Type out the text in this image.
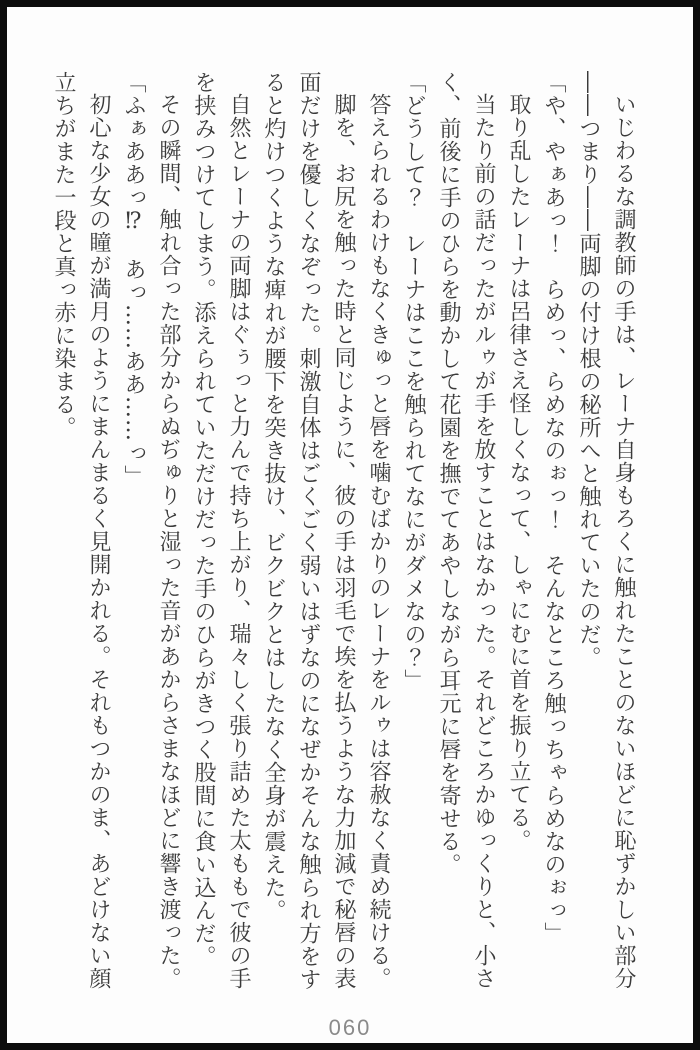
いじわるな調教師の手は、レーナ自身もろくに触れたことのないほどに恥ずかしい部分――つまり――両脚の付け根の秘所へと触れていたのだ。

「や、やぁあっ！　らめっ、らめなのぉっ！　そんなところ触っちゃらめなのぉっ」

取り乱したレーナは呂律さえ怪しくなって、しゃにむに首を振り立てる。

当たり前の話だったがルゥが手を放すことはなかった。それどころかゆっくりと、小さく、前後に手のひらを動かして花園を撫でてあやしながら耳元に唇を寄せる。

「どうして？　レーナはここを触られてなにがダメなの？」

答えられるわけもなくきゅっと唇を噛むばかりのレーナをルゥは容赦なく責め続ける。

脚を、お尻を触った時と同じように、彼の手は羽毛で埃を払うような力加減で秘唇の表面だけを優しくなぞった。刺激自体はごくごく弱いはずなのになぜかそんな触られ方をすると灼けつくような痺れが腰下を突き抜け、ビクビクとはしたなく全身が震えた。

自然とレーナの両脚はぐぅっと力んで持ち上がり、瑞々しく張り詰めた太ももで彼の手を挟みつけてしまう。添えられていただけだった手のひらがきつく股間に食い込んだ。

その瞬間、触れ合った部分からぬぢゅりと湿った音があからさまなほどに響き渡った。

「ふぁああっ⁉　あっ……ああ……っ」

初心な少女の瞳が満月のようにまんまるく見開かれる。それもつかのま、あどけない顔立ちがまた一段と真っ赤に染まる。

060
